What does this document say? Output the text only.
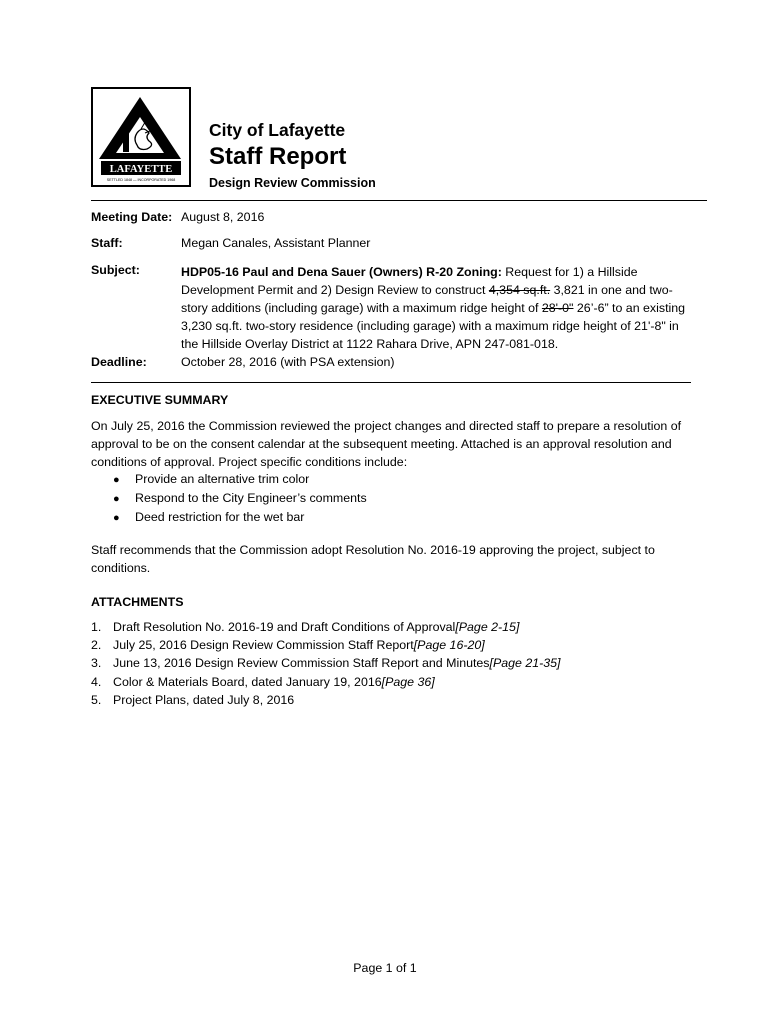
LAFAYETTE
SETTLED 1848 — INCORPORATED 1968
City of Lafayette
Staff Report
Design Review Commission
Meeting Date: August 8, 2016
Staff:	Megan Canales, Assistant Planner
Subject:	HDP05-16 Paul and Dena Sauer (Owners) R-20 Zoning: Request for 1) a Hillside Development Permit and 2) Design Review to construct 4,354 sq.ft. 3,821 in one and two-story additions (including garage) with a maximum ridge height of 28'-0" 26’-6” to an existing 3,230 sq.ft. two-story residence (including garage) with a maximum ridge height of 21'-8" in the Hillside Overlay District at 1122 Rahara Drive, APN 247-081-018.
Deadline:	October 28, 2016 (with PSA extension)
EXECUTIVE SUMMARY
On July 25, 2016 the Commission reviewed the project changes and directed staff to prepare a resolution of approval to be on the consent calendar at the subsequent meeting. Attached is an approval resolution and conditions of approval. Project specific conditions include:
●	Provide an alternative trim color
●	Respond to the City Engineer’s comments
●	Deed restriction for the wet bar
Staff recommends that the Commission adopt Resolution No. 2016-19 approving the project, subject to conditions.
ATTACHMENTS
1. Draft Resolution No. 2016-19 and Draft Conditions of Approval [Page 2-15]
2. July 25, 2016 Design Review Commission Staff Report [Page 16-20]
3. June 13, 2016 Design Review Commission Staff Report and Minutes [Page 21-35]
4. Color & Materials Board, dated January 19, 2016 [Page 36]
5. Project Plans, dated July 8, 2016
Page 1 of 1
